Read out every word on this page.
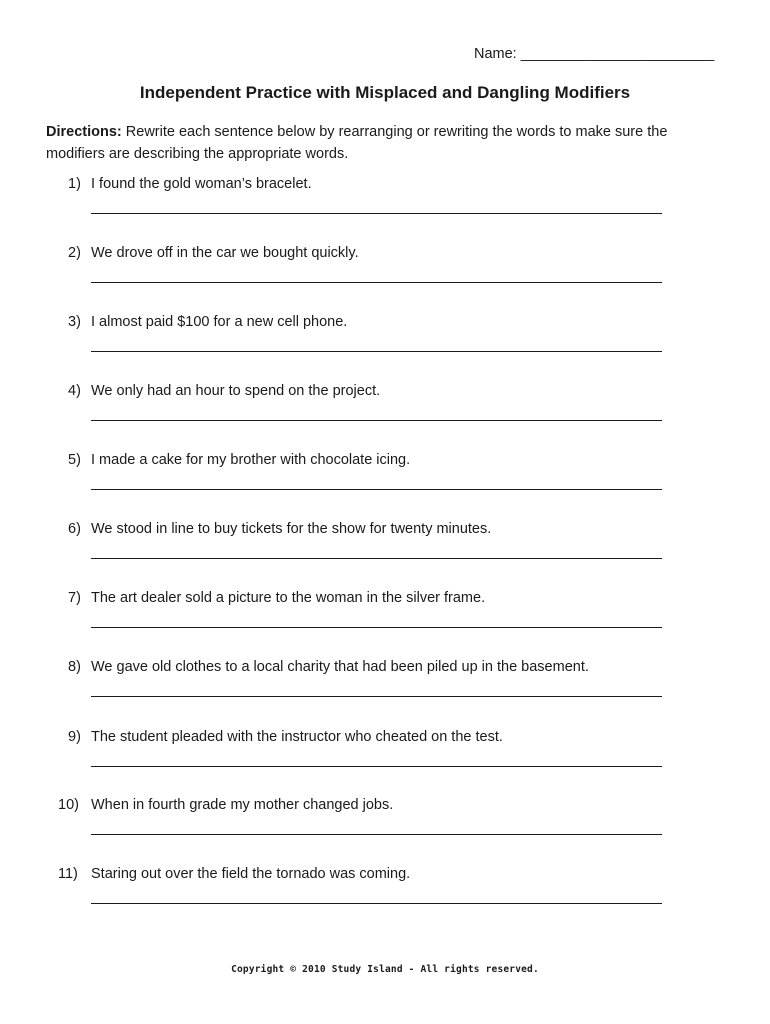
Name: ________________________
Independent Practice with Misplaced and Dangling Modifiers

Directions: Rewrite each sentence below by rearranging or rewriting the words to make sure the modifiers are describing the appropriate words.

1) I found the gold woman’s bracelet.
2) We drove off in the car we bought quickly.
3) I almost paid $100 for a new cell phone.
4) We only had an hour to spend on the project.
5) I made a cake for my brother with chocolate icing.
6) We stood in line to buy tickets for the show for twenty minutes.
7) The art dealer sold a picture to the woman in the silver frame.
8) We gave old clothes to a local charity that had been piled up in the basement.
9) The student pleaded with the instructor who cheated on the test.
10) When in fourth grade my mother changed jobs.
11) Staring out over the field the tornado was coming.
Copyright © 2010 Study Island - All rights reserved.
